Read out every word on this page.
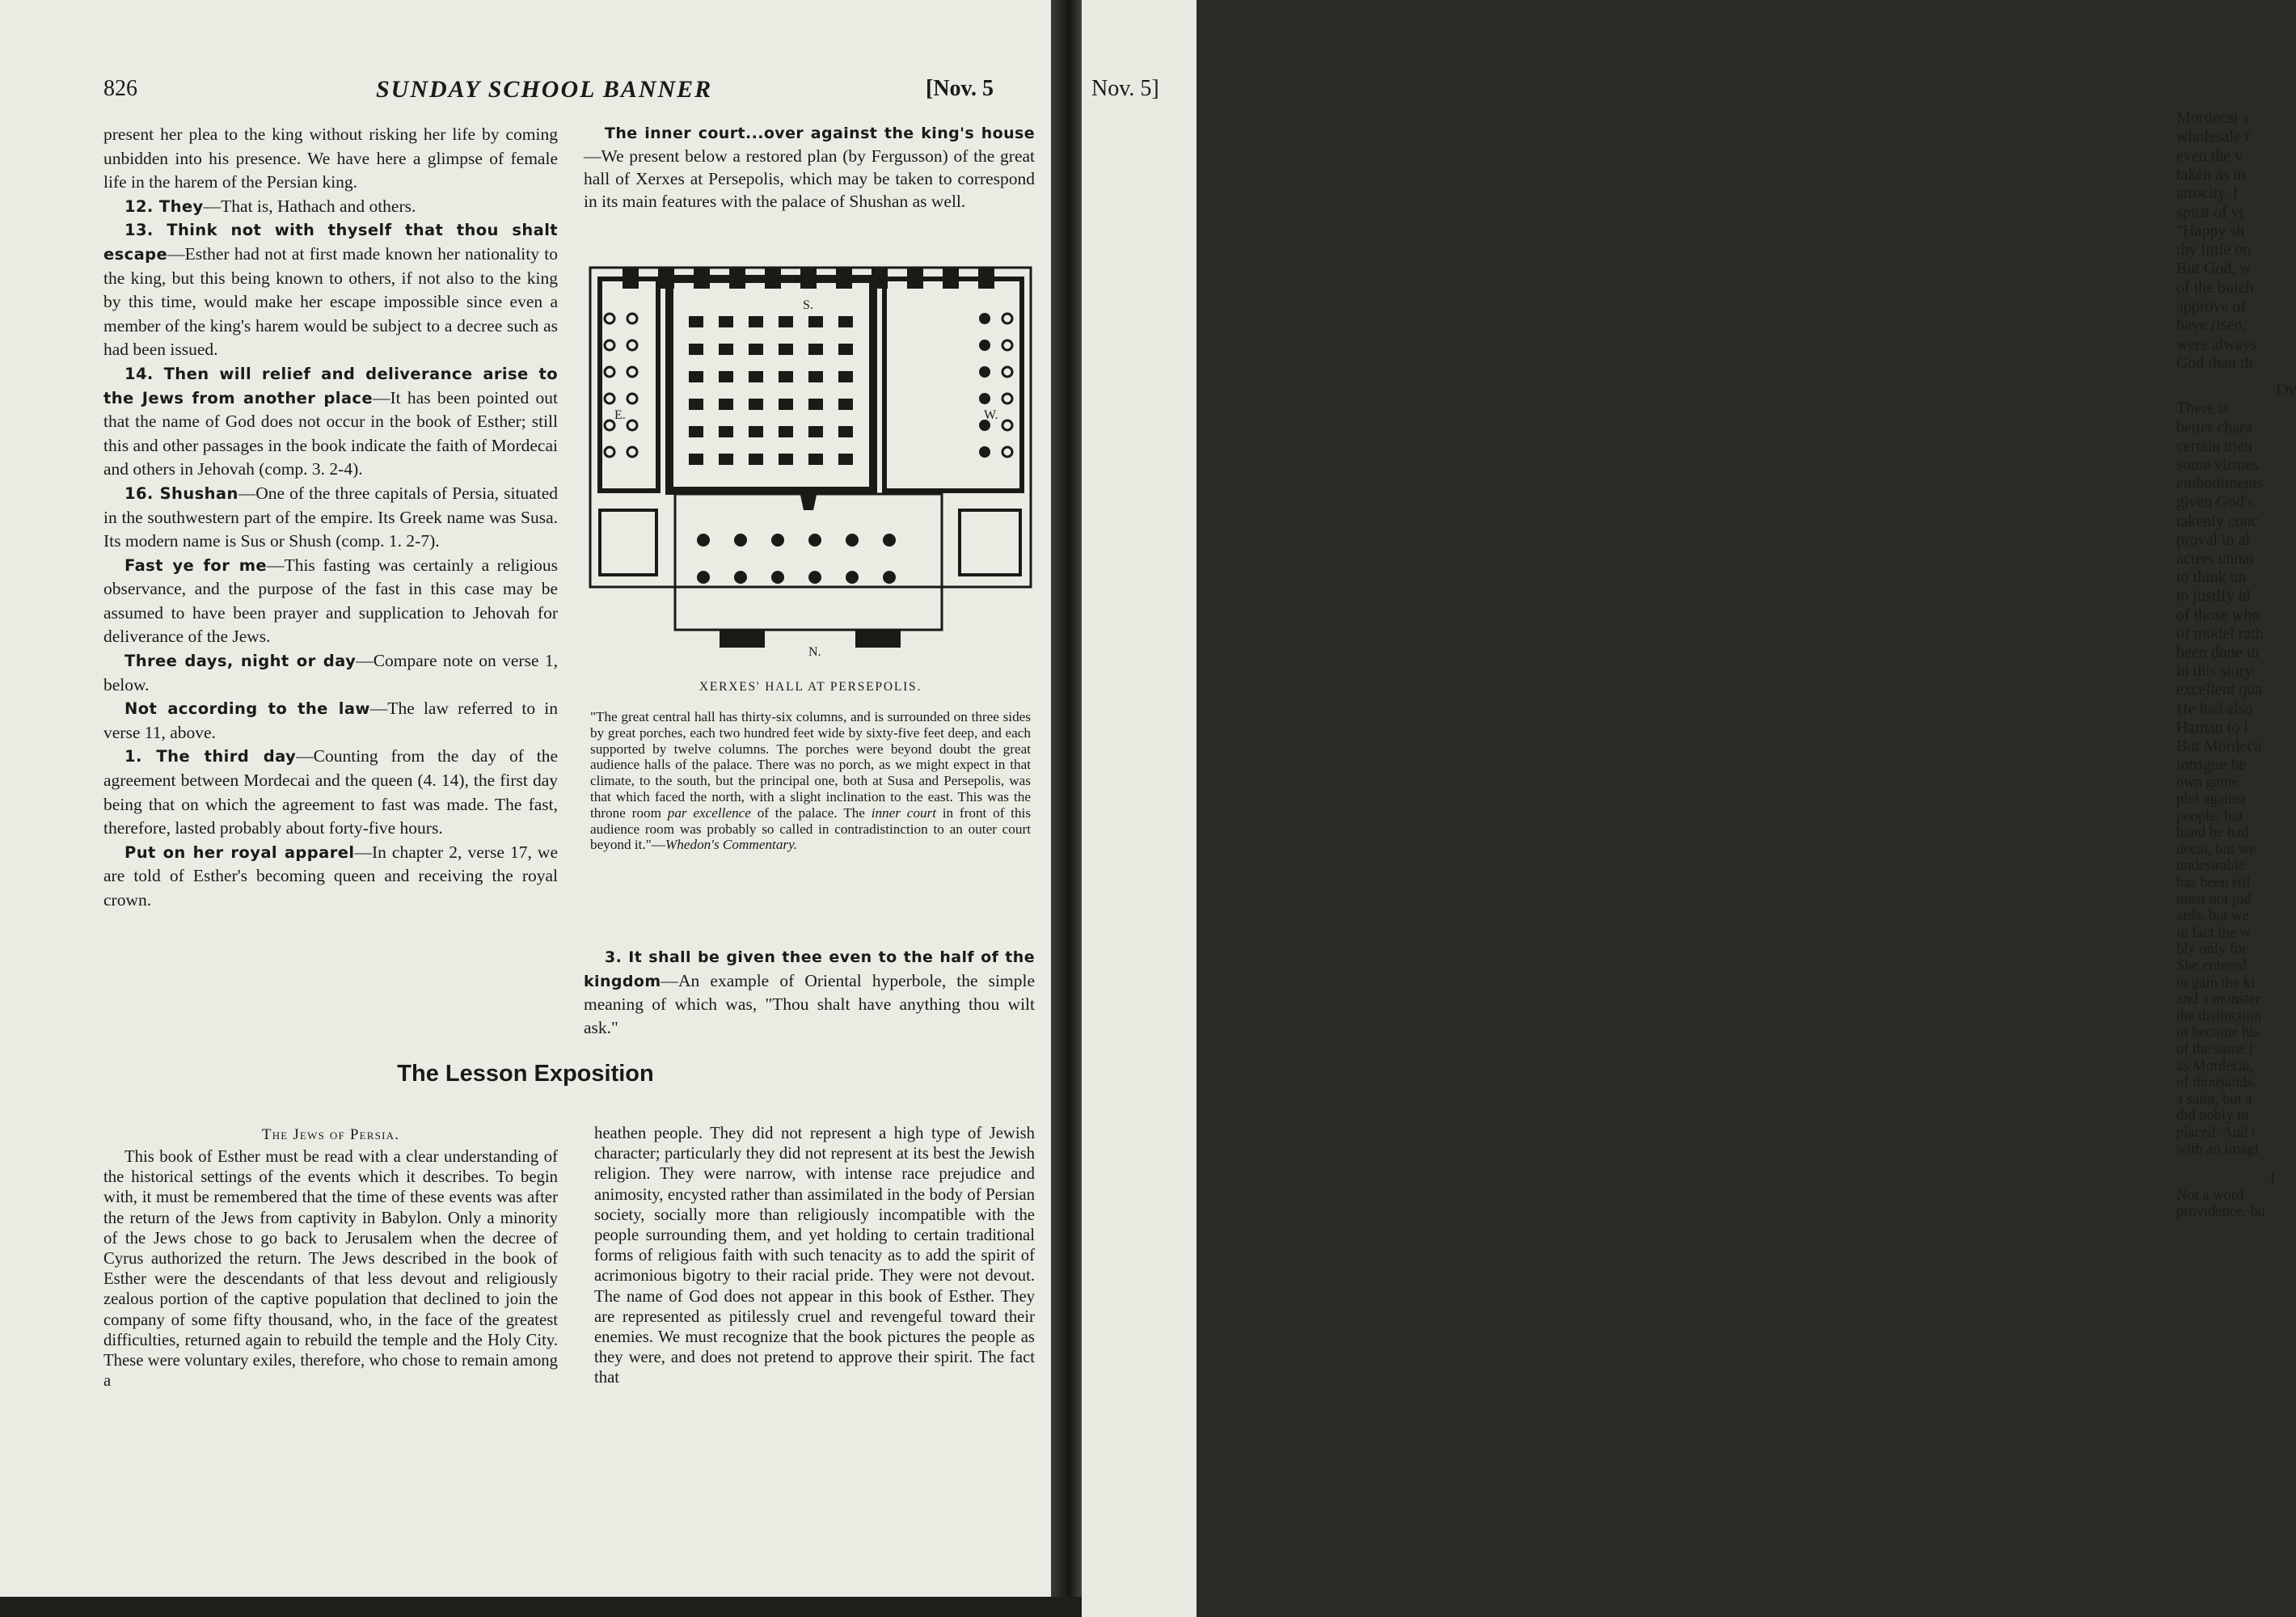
826	SUNDAY SCHOOL BANNER	[Nov. 5

present her plea to the king without risking her life by coming unbidden into his presence. We have here a glimpse of female life in the harem of the Persian king.

12. They—That is, Hathach and others.

13. Think not with thyself that thou shalt escape—Esther had not at first made known her nationality to the king, but this being known to others, if not also to the king by this time, would make her escape impossible since even a member of the king's harem would be subject to a decree such as had been issued.

14. Then will relief and deliverance arise to the Jews from another place—It has been pointed out that the name of God does not occur in the book of Esther; still this and other passages in the book indicate the faith of Mordecai and others in Jehovah (comp. 3. 2-4).

16. Shushan—One of the three capitals of Persia, situated in the southwestern part of the empire. Its Greek name was Susa. Its modern name is Sus or Shush (comp. 1. 2-7).

Fast ye for me—This fasting was certainly a religious observance, and the purpose of the fast in this case may be assumed to have been prayer and supplication to Jehovah for deliverance of the Jews.

Three days, night or day—Compare note on verse 1, below.

Not according to the law—The law referred to in verse 11, above.

1. The third day—Counting from the day of the agreement between Mordecai and the queen (4. 14), the first day being that on which the agreement to fast was made. The fast, therefore, lasted probably about forty-five hours.

Put on her royal apparel—In chapter 2, verse 17, we are told of Esther's becoming queen and receiving the royal crown.

The inner court...over against the king's house—We present below a restored plan (by Fergusson) of the great hall of Xerxes at Persepolis, which may be taken to correspond in its main features with the palace of Shushan as well.

S.
E.	W.
N.
XERXES' HALL AT PERSEPOLIS.
"The great central hall has thirty-six columns, and is surrounded on three sides by great porches, each two hundred feet wide by sixty-five feet deep, and each supported by twelve columns. The porches were beyond doubt the great audience halls of the palace. There was no porch, as we might expect in that climate, to the south, but the principal one, both at Susa and Persepolis, was that which faced the north, with a slight inclination to the east. This was the throne room par excellence of the palace. The inner court in front of this audience room was probably so called in contradistinction to an outer court beyond it."—Whedon's Commentary.

3. It shall be given thee even to the half of the kingdom—An example of Oriental hyperbole, the simple meaning of which was, "Thou shalt have anything thou wilt ask."

The Lesson Exposition
The Jews of Persia.

This book of Esther must be read with a clear understanding of the historical settings of the events which it describes. To begin with, it must be remembered that the time of these events was after the return of the Jews from captivity in Babylon. Only a minority of the Jews chose to go back to Jerusalem when the decree of Cyrus authorized the return. The Jews described in the book of Esther were the descendants of that less devout and religiously zealous portion of the captive population that declined to join the company of some fifty thousand, who, in the face of the greatest difficulties, returned again to rebuild the temple and the Holy City. These were voluntary exiles, therefore, who chose to remain among a

heathen people. They did not represent a high type of Jewish character; particularly they did not represent at its best the Jewish religion. They were narrow, with intense race prejudice and animosity, encysted rather than assimilated in the body of Persian society, socially more than religiously incompatible with the people surrounding them, and yet holding to certain traditional forms of religious faith with such tenacity as to add the spirit of acrimonious bigotry to their racial pride. They were not devout. The name of God does not appear in this book of Esther. They are represented as pitilessly cruel and revengeful toward their enemies. We must recognize that the book pictures the people as they were, and does not pretend to approve their spirit. The fact that

Nov. 5]
Mordecai a
wholesale r
even the v
taken as in
atrocity. I
spirit of vi
"Happy sh
thy little on
But God, w
of the butch
approve of
have risen,
were always
God than th
Ov
There is
better chara
certain men
some virtues
embodiments
given God's
takenly conc
proval in al
acters unnat
to think un
to justify hi
of those who
of model rath
been done in
in this story.
excellent qua
He had also
Haman to l
But Mordeca
intrigue he
own game.
plot against
people; but
hand he had
decai, but we
undesirable
has been stil
must not jud
ards, but we
in fact the w
bly only for
She entered
to gain the ki
and a monster
the distinction
to become his
of the same i
as Mordecai,
of thousands.
a saint, but a
did nobly in
placed. And t
with an imagi
I
Not a word
providence, bu
